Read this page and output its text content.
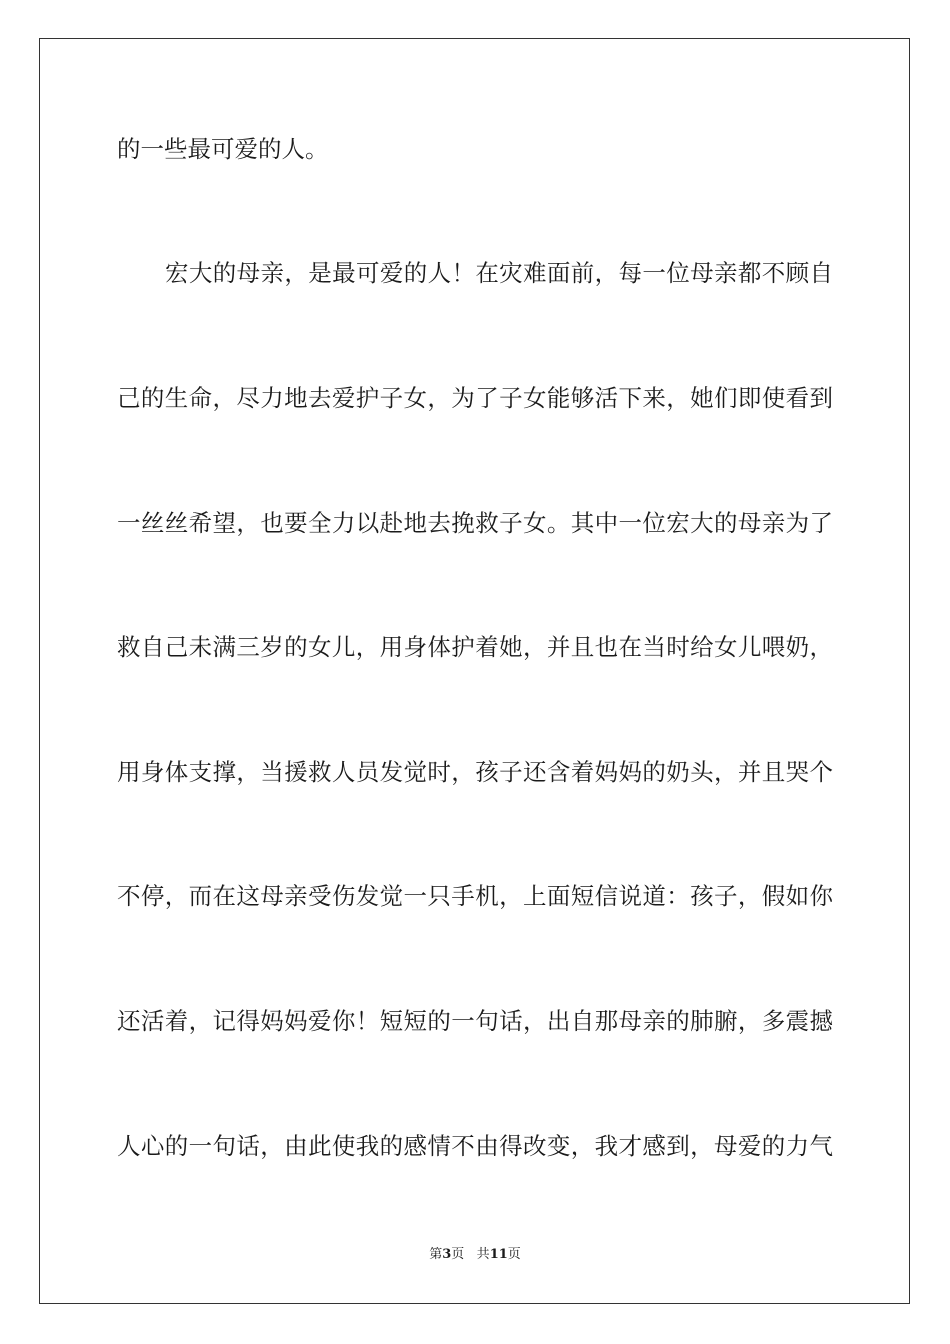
的一些最可爱的人。
宏大的母亲，是最可爱的人！在灾难面前，每一位母亲都不顾自
己的生命，尽力地去爱护子女，为了子女能够活下来，她们即使看到
一丝丝希望，也要全力以赴地去挽救子女。其中一位宏大的母亲为了
救自己未满三岁的女儿，用身体护着她，并且也在当时给女儿喂奶，
用身体支撑，当援救人员发觉时，孩子还含着妈妈的奶头，并且哭个
不停，而在这母亲受伤发觉一只手机，上面短信说道：孩子，假如你
还活着，记得妈妈爱你！短短的一句话，出自那母亲的肺腑，多震撼
人心的一句话，由此使我的感情不由得改变，我才感到，母爱的力气
第3页 共11页
